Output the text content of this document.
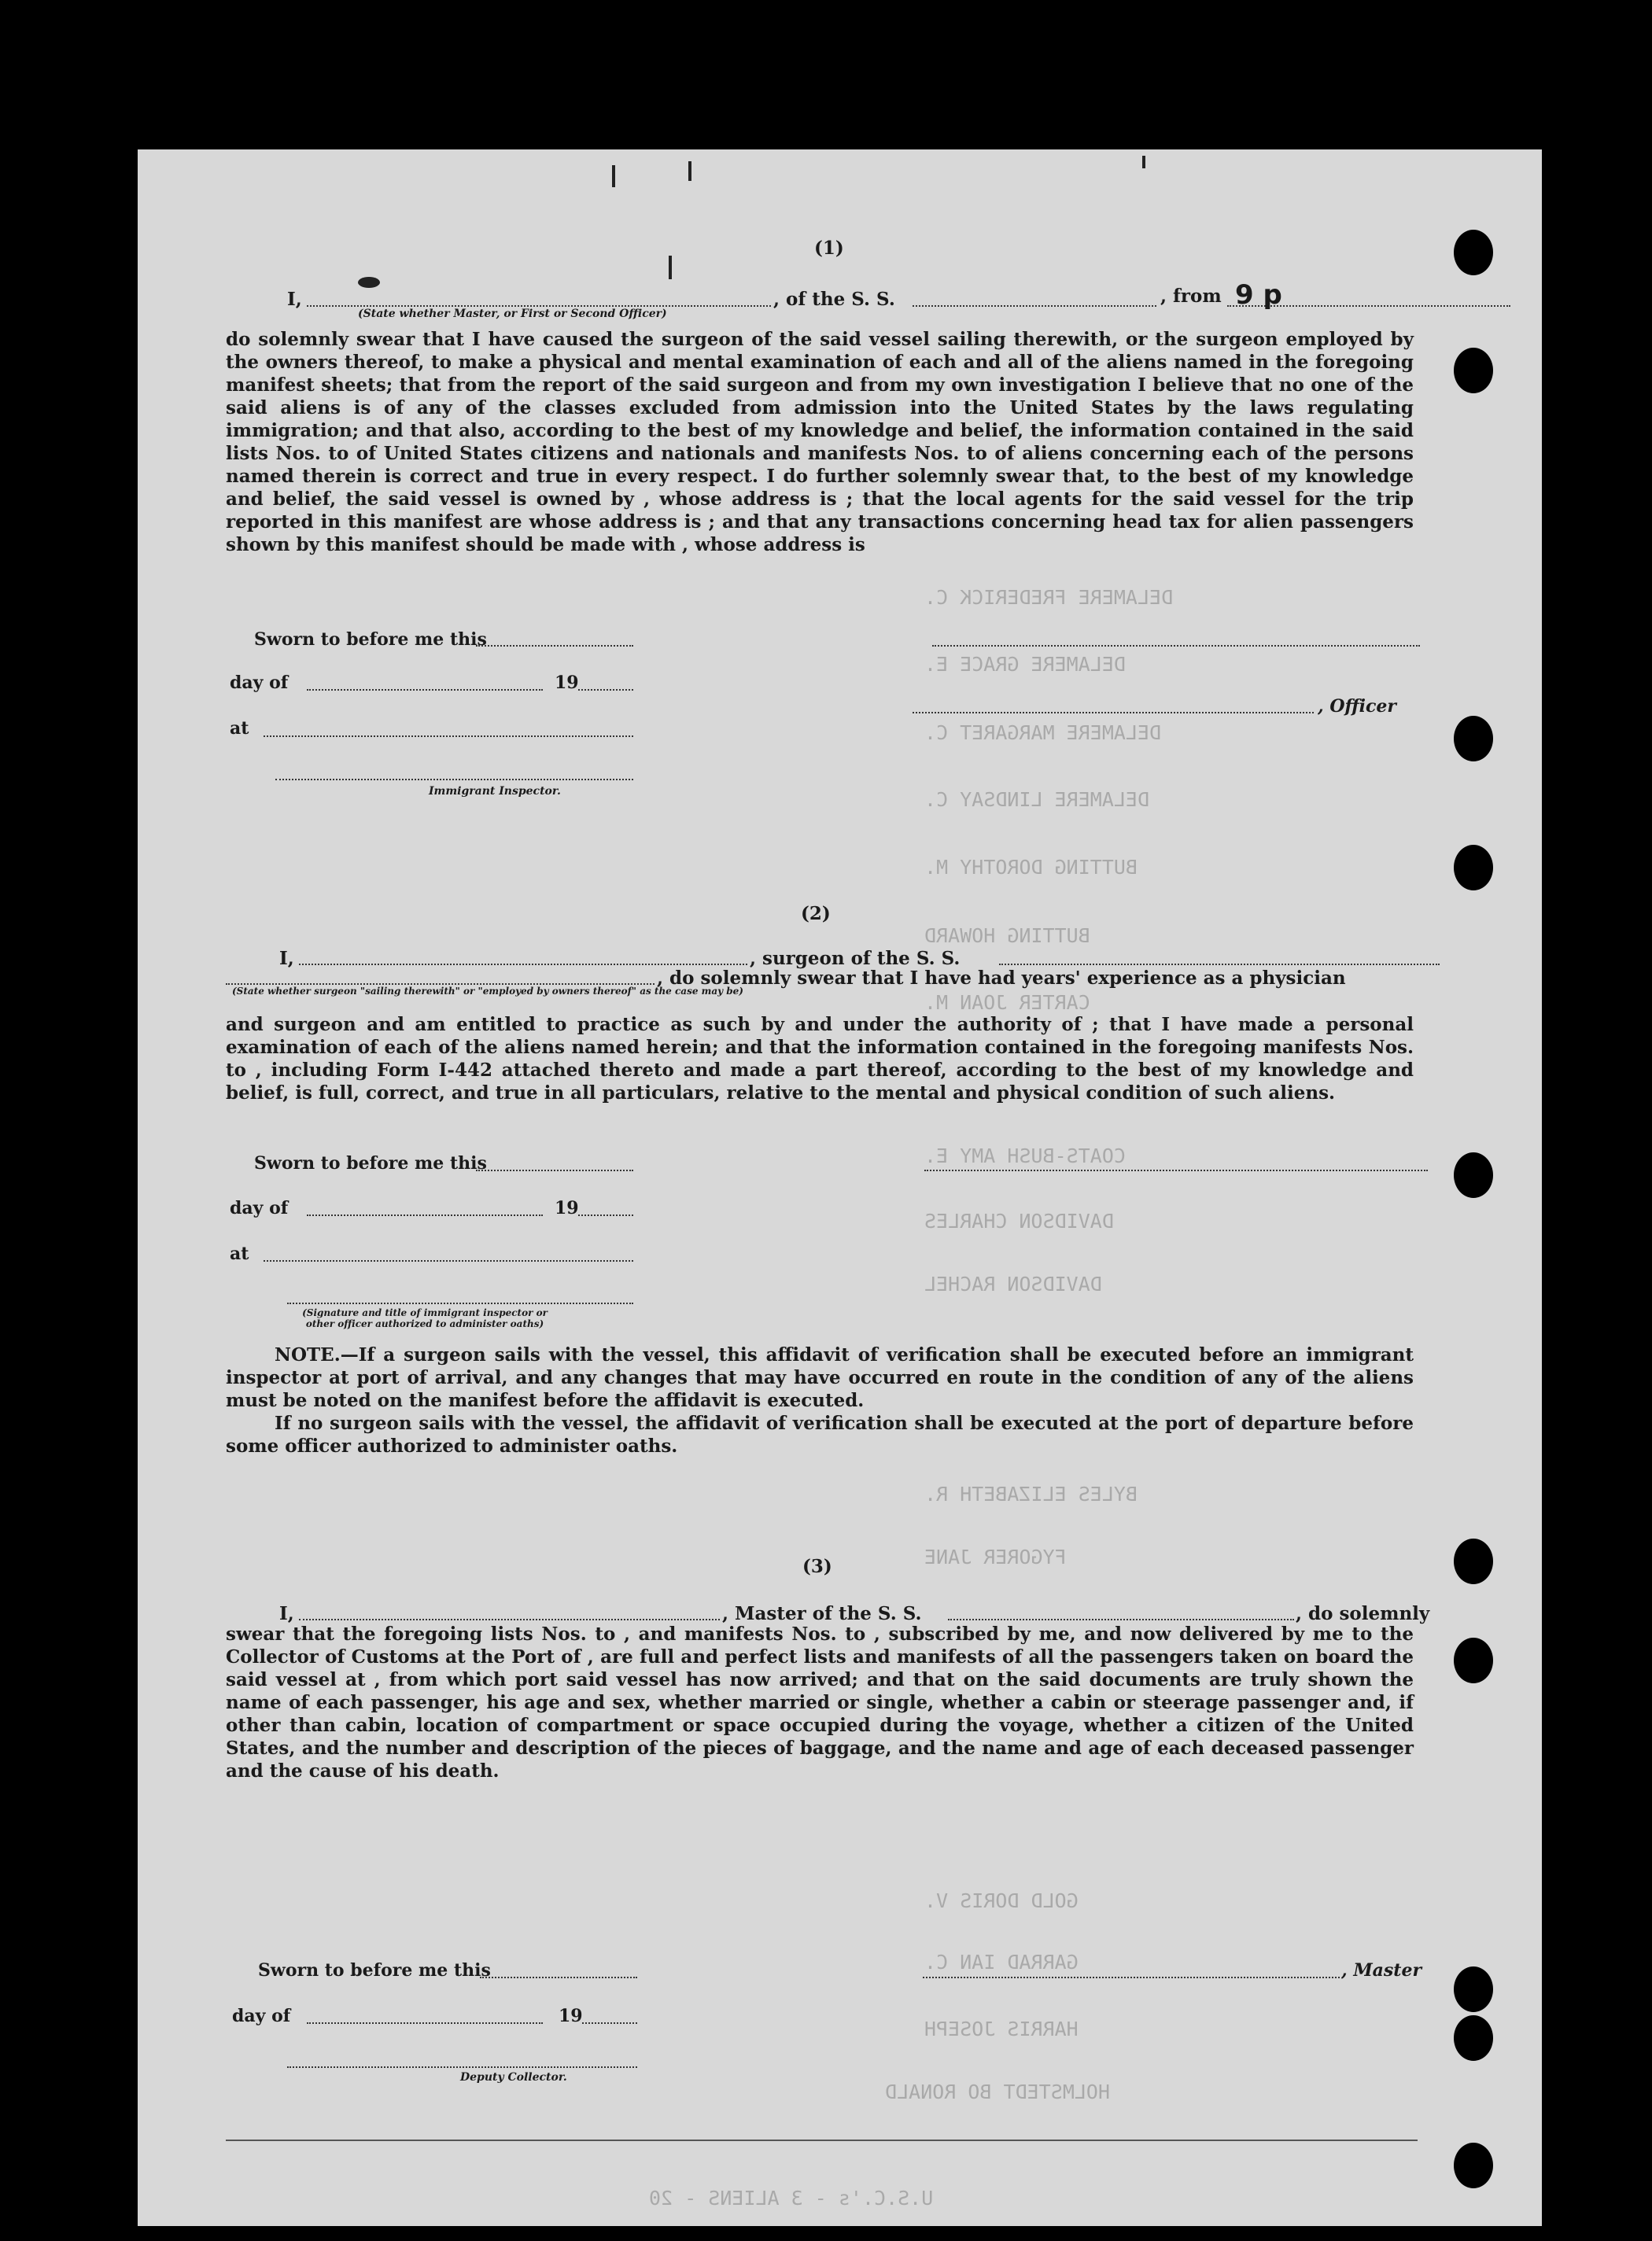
DELAMERE FREDERICK C.
DELAMERE GRACE E.
DELAMERE MARGARET C.
DELAMERE LINDSAY C.
BUTTING DOROTHY M.
BUTTING HOWARD
CARTER JOAN M.
COATS-BUSH AMY E.
DAVIDSON CHARLES
DAVIDSON RACHEL
BYLES ELIZABETH R.
FYGORER JANE
GOLD DORIS V.
GARRAD IAN C.
HARRIS JOSEPH
HOLMSTEDT BO RONALD
U.S.C.'s - 3 ALIENS - 20
(1)
I,	, of the S. S.	, from 9 p
(State whether Master, or First or Second Officer)
do solemnly swear that I have caused the surgeon of the said vessel sailing therewith, or the surgeon employed by the owners thereof, to make a physical and mental examination of each and all of the aliens named in the foregoing manifest sheets; that from the report of the said surgeon and from my own investigation I believe that no one of the said aliens is of any of the classes excluded from admission into the United States by the laws regulating immigration; and that also, according to the best of my knowledge and belief, the information contained in the said lists Nos. to of United States citizens and nationals and manifests Nos. to of aliens concerning each of the persons named therein is correct and true in every respect. I do further solemnly swear that, to the best of my knowledge and belief, the said vessel is owned by , whose address is ; that the local agents for the said vessel for the trip reported in this manifest are whose address is ; and that any transactions concerning head tax for alien passengers shown by this manifest should be made with , whose address is
Sworn to before me this
day of	19
, Officer
at
Immigrant Inspector.
(2)
I,	, surgeon of the S. S.
, do solemnly swear that I have had years' experience as a physician
(State whether surgeon "sailing therewith" or "employed by owners thereof" as the case may be)
and surgeon and am entitled to practice as such by and under the authority of ; that I have made a personal examination of each of the aliens named herein; and that the information contained in the foregoing manifests Nos. to , including Form I-442 attached thereto and made a part thereof, according to the best of my knowledge and belief, is full, correct, and true in all particulars, relative to the mental and physical condition of such aliens.
Sworn to before me this
day of	19
at
(Signature and title of immigrant inspector or other officer authorized to administer oaths)
NOTE.—If a surgeon sails with the vessel, this affidavit of verification shall be executed before an immigrant inspector at port of arrival, and any changes that may have occurred en route in the condition of any of the aliens must be noted on the manifest before the affidavit is executed.
If no surgeon sails with the vessel, the affidavit of verification shall be executed at the port of departure before some officer authorized to administer oaths.
(3)
I,	, Master of the S. S.	, do solemnly
swear that the foregoing lists Nos. to , and manifests Nos. to , subscribed by me, and now delivered by me to the Collector of Customs at the Port of , are full and perfect lists and manifests of all the passengers taken on board the said vessel at , from which port said vessel has now arrived; and that on the said documents are truly shown the name of each passenger, his age and sex, whether married or single, whether a cabin or steerage passenger and, if other than cabin, location of compartment or space occupied during the voyage, whether a citizen of the United States, and the number and description of the pieces of baggage, and the name and age of each deceased passenger and the cause of his death.
Sworn to before me this	, Master
day of	19
Deputy Collector.
